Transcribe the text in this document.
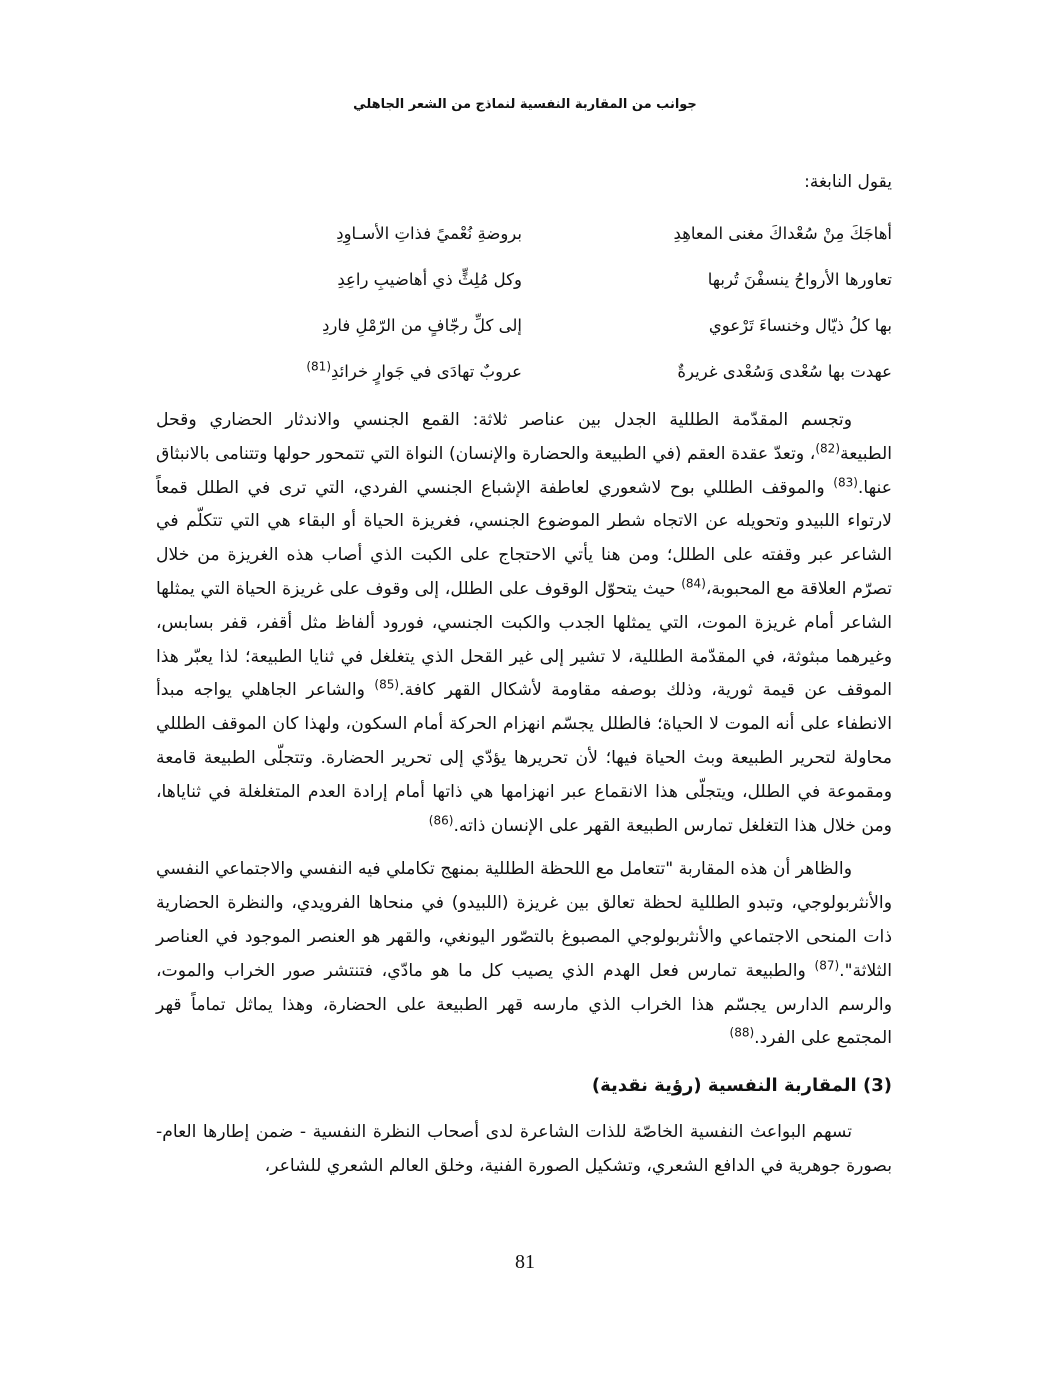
جوانب من المقاربة النفسية لنماذج من الشعر الجاهلي
يقول النابغة:
أهاجَكَ مِنْ سُعْداكَ مغنى المعاهِدِ
بروضةِ نُعْميً فذاتِ الأسـاوِدِ
تعاورها الأرواحُ ينسفْنَ تُربها
وكل مُلِثٍّ ذي أهاضيبِ راعِدِ
بها كلُ ذيّال وخنساءَ تَرْعوي
إلى كلِّ رجّافٍ من الرّمْلِ فاردِ
عهدت بها سُعْدى وَسُعْدى غريرةٌ
عروبٌ تهادَى في جَوارٍ خرائدِ$^{(81)}$

وتجسم المقدّمة الطللية الجدل بين عناصر ثلاثة: القمع الجنسي والاندثار الحضاري وقحل الطبيعة$^{(82)}$، وتعدّ عقدة العقم (في الطبيعة والحضارة والإنسان) النواة التي تتمحور حولها وتتنامى بالانبثاق عنها.$^{(83)}$ والموقف الطللي بوح لاشعوري لعاطفة الإشباع الجنسي الفردي، التي ترى في الطلل قمعاً لارتواء اللبيدو وتحويله عن الاتجاه شطر الموضوع الجنسي، فغريزة الحياة أو البقاء هي التي تتكلّم في الشاعر عبر وقفته على الطلل؛ ومن هنا يأتي الاحتجاج على الكبت الذي أصاب هذه الغريزة من خلال تصرّم العلاقة مع المحبوبة،$^{(84)}$ حيث يتحوّل الوقوف على الطلل، إلى وقوف على غريزة الحياة التي يمثلها الشاعر أمام غريزة الموت، التي يمثلها الجدب والكبت الجنسي، فورود ألفاظ مثل أقفر، قفر بسابس، وغيرهما مبثوثة، في المقدّمة الطللية، لا تشير إلى غير القحل الذي يتغلغل في ثنايا الطبيعة؛ لذا يعبّر هذا الموقف عن قيمة ثورية، وذلك بوصفه مقاومة لأشكال القهر كافة.$^{(85)}$ والشاعر الجاهلي يواجه مبدأ الانطفاء على أنه الموت لا الحياة؛ فالطلل يجسّم انهزام الحركة أمام السكون، ولهذا كان الموقف الطللي محاولة لتحرير الطبيعة وبث الحياة فيها؛ لأن تحريرها يؤدّي إلى تحرير الحضارة. وتتجلّى الطبيعة قامعة ومقموعة في الطلل، ويتجلّى هذا الانقماع عبر انهزامها هي ذاتها أمام إرادة العدم المتغلغلة في ثناياها، ومن خلال هذا التغلغل تمارس الطبيعة القهر على الإنسان ذاته.$^{(86)}$

والظاهر أن هذه المقاربة "تتعامل مع اللحظة الطللية بمنهج تكاملي فيه النفسي والاجتماعي النفسي والأنثربولوجي، وتبدو الطللية لحظة تعالق بين غريزة (اللبيدو) في منحاها الفرويدي، والنظرة الحضارية ذات المنحى الاجتماعي والأنثربولوجي المصبوغ بالتصّور اليونغي، والقهر هو العنصر الموجود في العناصر الثلاثة".$^{(87)}$ والطبيعة تمارس فعل الهدم الذي يصيب كل ما هو مادّي، فتنتشر صور الخراب والموت، والرسم الدارس يجسّم هذا الخراب الذي مارسه قهر الطبيعة على الحضارة، وهذا يماثل تماماً قهر المجتمع على الفرد.$^{(88)}$

(3) المقاربة النفسية (رؤية نقدية)

تسهم البواعث النفسية الخاصّة للذات الشاعرة لدى أصحاب النظرة النفسية - ضمن إطارها العام- بصورة جوهرية في الدافع الشعري، وتشكيل الصورة الفنية، وخلق العالم الشعري للشاعر،

81
